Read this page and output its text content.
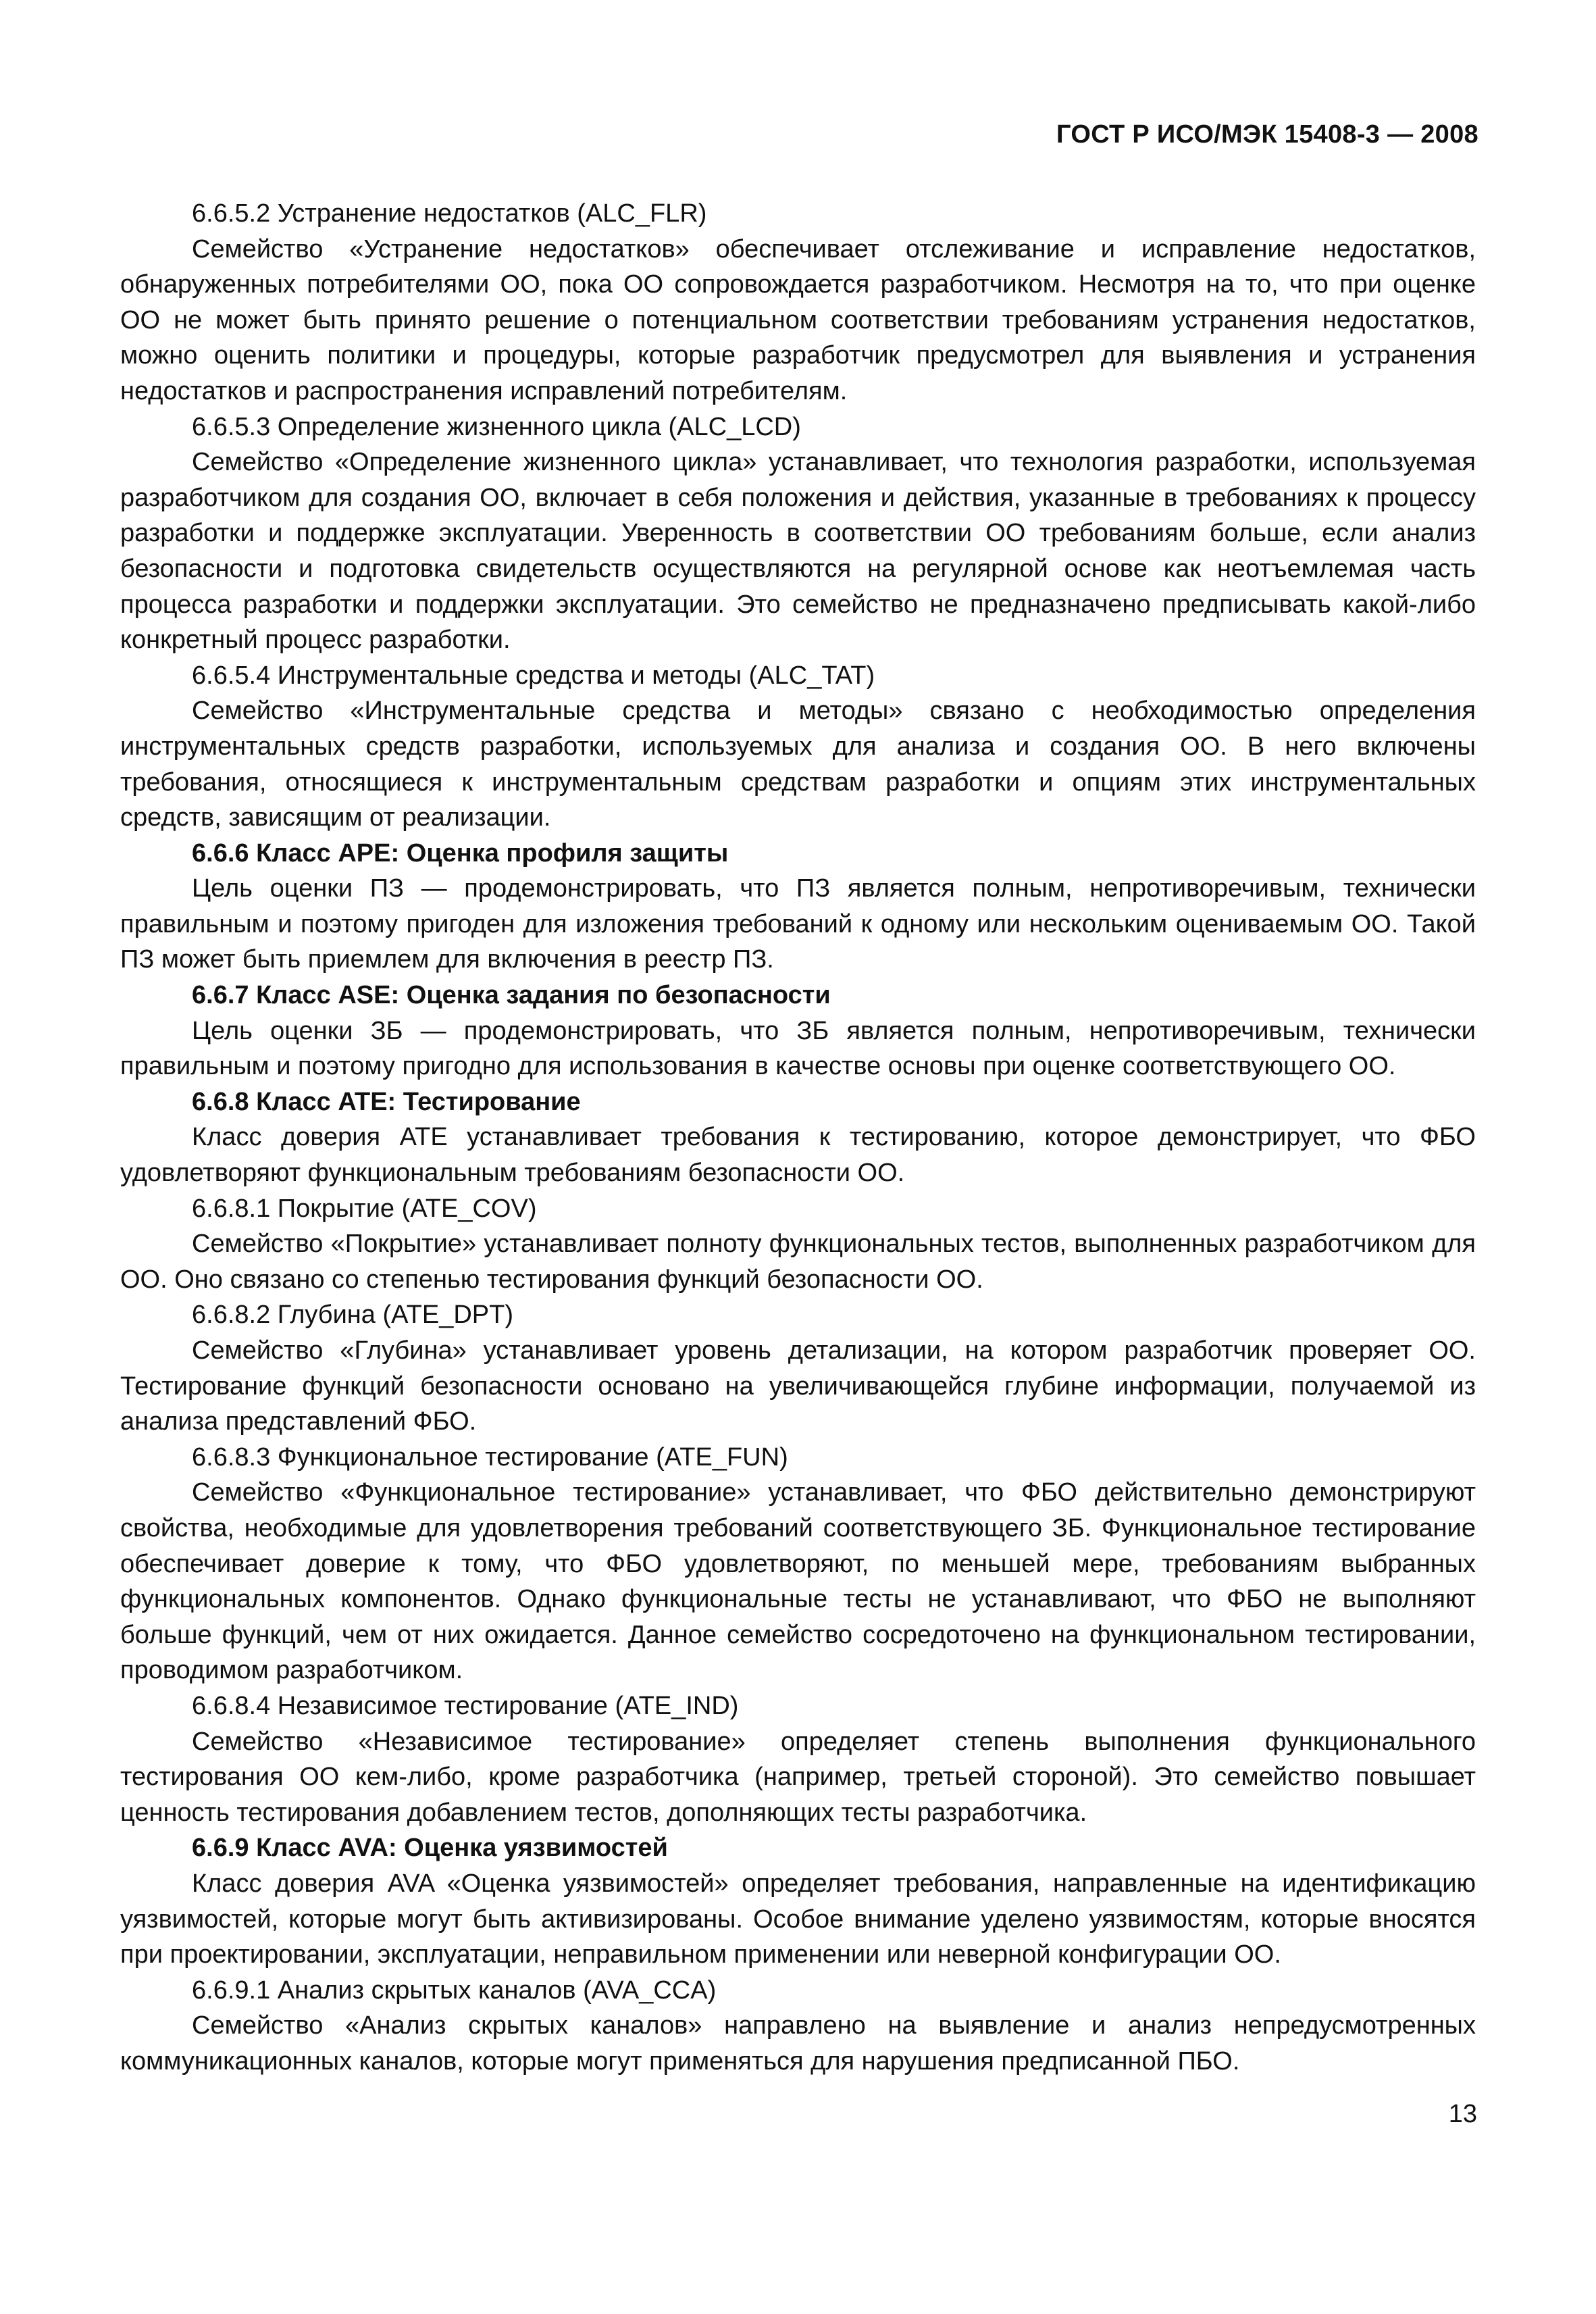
ГОСТ Р ИСО/МЭК 15408-3 — 2008

6.6.5.2 Устранение недостатков (ALC_FLR)

Семейство «Устранение недостатков» обеспечивает отслеживание и исправление недостатков, обнаруженных потребителями ОО, пока ОО сопровождается разработчиком. Несмотря на то, что при оценке ОО не может быть принято решение о потенциальном соответствии требованиям устранения недостатков, можно оценить политики и процедуры, которые разработчик предусмотрел для выявления и устранения недостатков и распространения исправлений потребителям.

6.6.5.3 Определение жизненного цикла (ALC_LCD)

Семейство «Определение жизненного цикла» устанавливает, что технология разработки, используемая разработчиком для создания ОО, включает в себя положения и действия, указанные в требованиях к процессу разработки и поддержке эксплуатации. Уверенность в соответствии ОО требованиям больше, если анализ безопасности и подготовка свидетельств осуществляются на регулярной основе как неотъемлемая часть процесса разработки и поддержки эксплуатации. Это семейство не предназначено предписывать какой-либо конкретный процесс разработки.

6.6.5.4 Инструментальные средства и методы (ALC_TAT)

Семейство «Инструментальные средства и методы» связано с необходимостью определения инструментальных средств разработки, используемых для анализа и создания ОО. В него включены требования, относящиеся к инструментальным средствам разработки и опциям этих инструментальных средств, зависящим от реализации.

6.6.6 Класс APE: Оценка профиля защиты

Цель оценки ПЗ — продемонстрировать, что ПЗ является полным, непротиворечивым, технически правильным и поэтому пригоден для изложения требований к одному или нескольким оцениваемым ОО. Такой ПЗ может быть приемлем для включения в реестр ПЗ.

6.6.7 Класс ASE: Оценка задания по безопасности

Цель оценки ЗБ — продемонстрировать, что ЗБ является полным, непротиворечивым, технически правильным и поэтому пригодно для использования в качестве основы при оценке соответствующего ОО.

6.6.8 Класс ATE: Тестирование

Класс доверия ATE устанавливает требования к тестированию, которое демонстрирует, что ФБО удовлетворяют функциональным требованиям безопасности ОО.

6.6.8.1 Покрытие (ATE_COV)

Семейство «Покрытие» устанавливает полноту функциональных тестов, выполненных разработчиком для ОО. Оно связано со степенью тестирования функций безопасности ОО.

6.6.8.2 Глубина (ATE_DPT)

Семейство «Глубина» устанавливает уровень детализации, на котором разработчик проверяет ОО. Тестирование функций безопасности основано на увеличивающейся глубине информации, получаемой из анализа представлений ФБО.

6.6.8.3 Функциональное тестирование (ATE_FUN)

Семейство «Функциональное тестирование» устанавливает, что ФБО действительно демонстрируют свойства, необходимые для удовлетворения требований соответствующего ЗБ. Функциональное тестирование обеспечивает доверие к тому, что ФБО удовлетворяют, по меньшей мере, требованиям выбранных функциональных компонентов. Однако функциональные тесты не устанавливают, что ФБО не выполняют больше функций, чем от них ожидается. Данное семейство сосредоточено на функциональном тестировании, проводимом разработчиком.

6.6.8.4 Независимое тестирование (ATE_IND)

Семейство «Независимое тестирование» определяет степень выполнения функционального тестирования ОО кем-либо, кроме разработчика (например, третьей стороной). Это семейство повышает ценность тестирования добавлением тестов, дополняющих тесты разработчика.

6.6.9 Класс AVA: Оценка уязвимостей

Класс доверия AVA «Оценка уязвимостей» определяет требования, направленные на идентификацию уязвимостей, которые могут быть активизированы. Особое внимание уделено уязвимостям, которые вносятся при проектировании, эксплуатации, неправильном применении или неверной конфигурации ОО.

6.6.9.1 Анализ скрытых каналов (AVA_CCA)

Семейство «Анализ скрытых каналов» направлено на выявление и анализ непредусмотренных коммуникационных каналов, которые могут применяться для нарушения предписанной ПБО.

13
